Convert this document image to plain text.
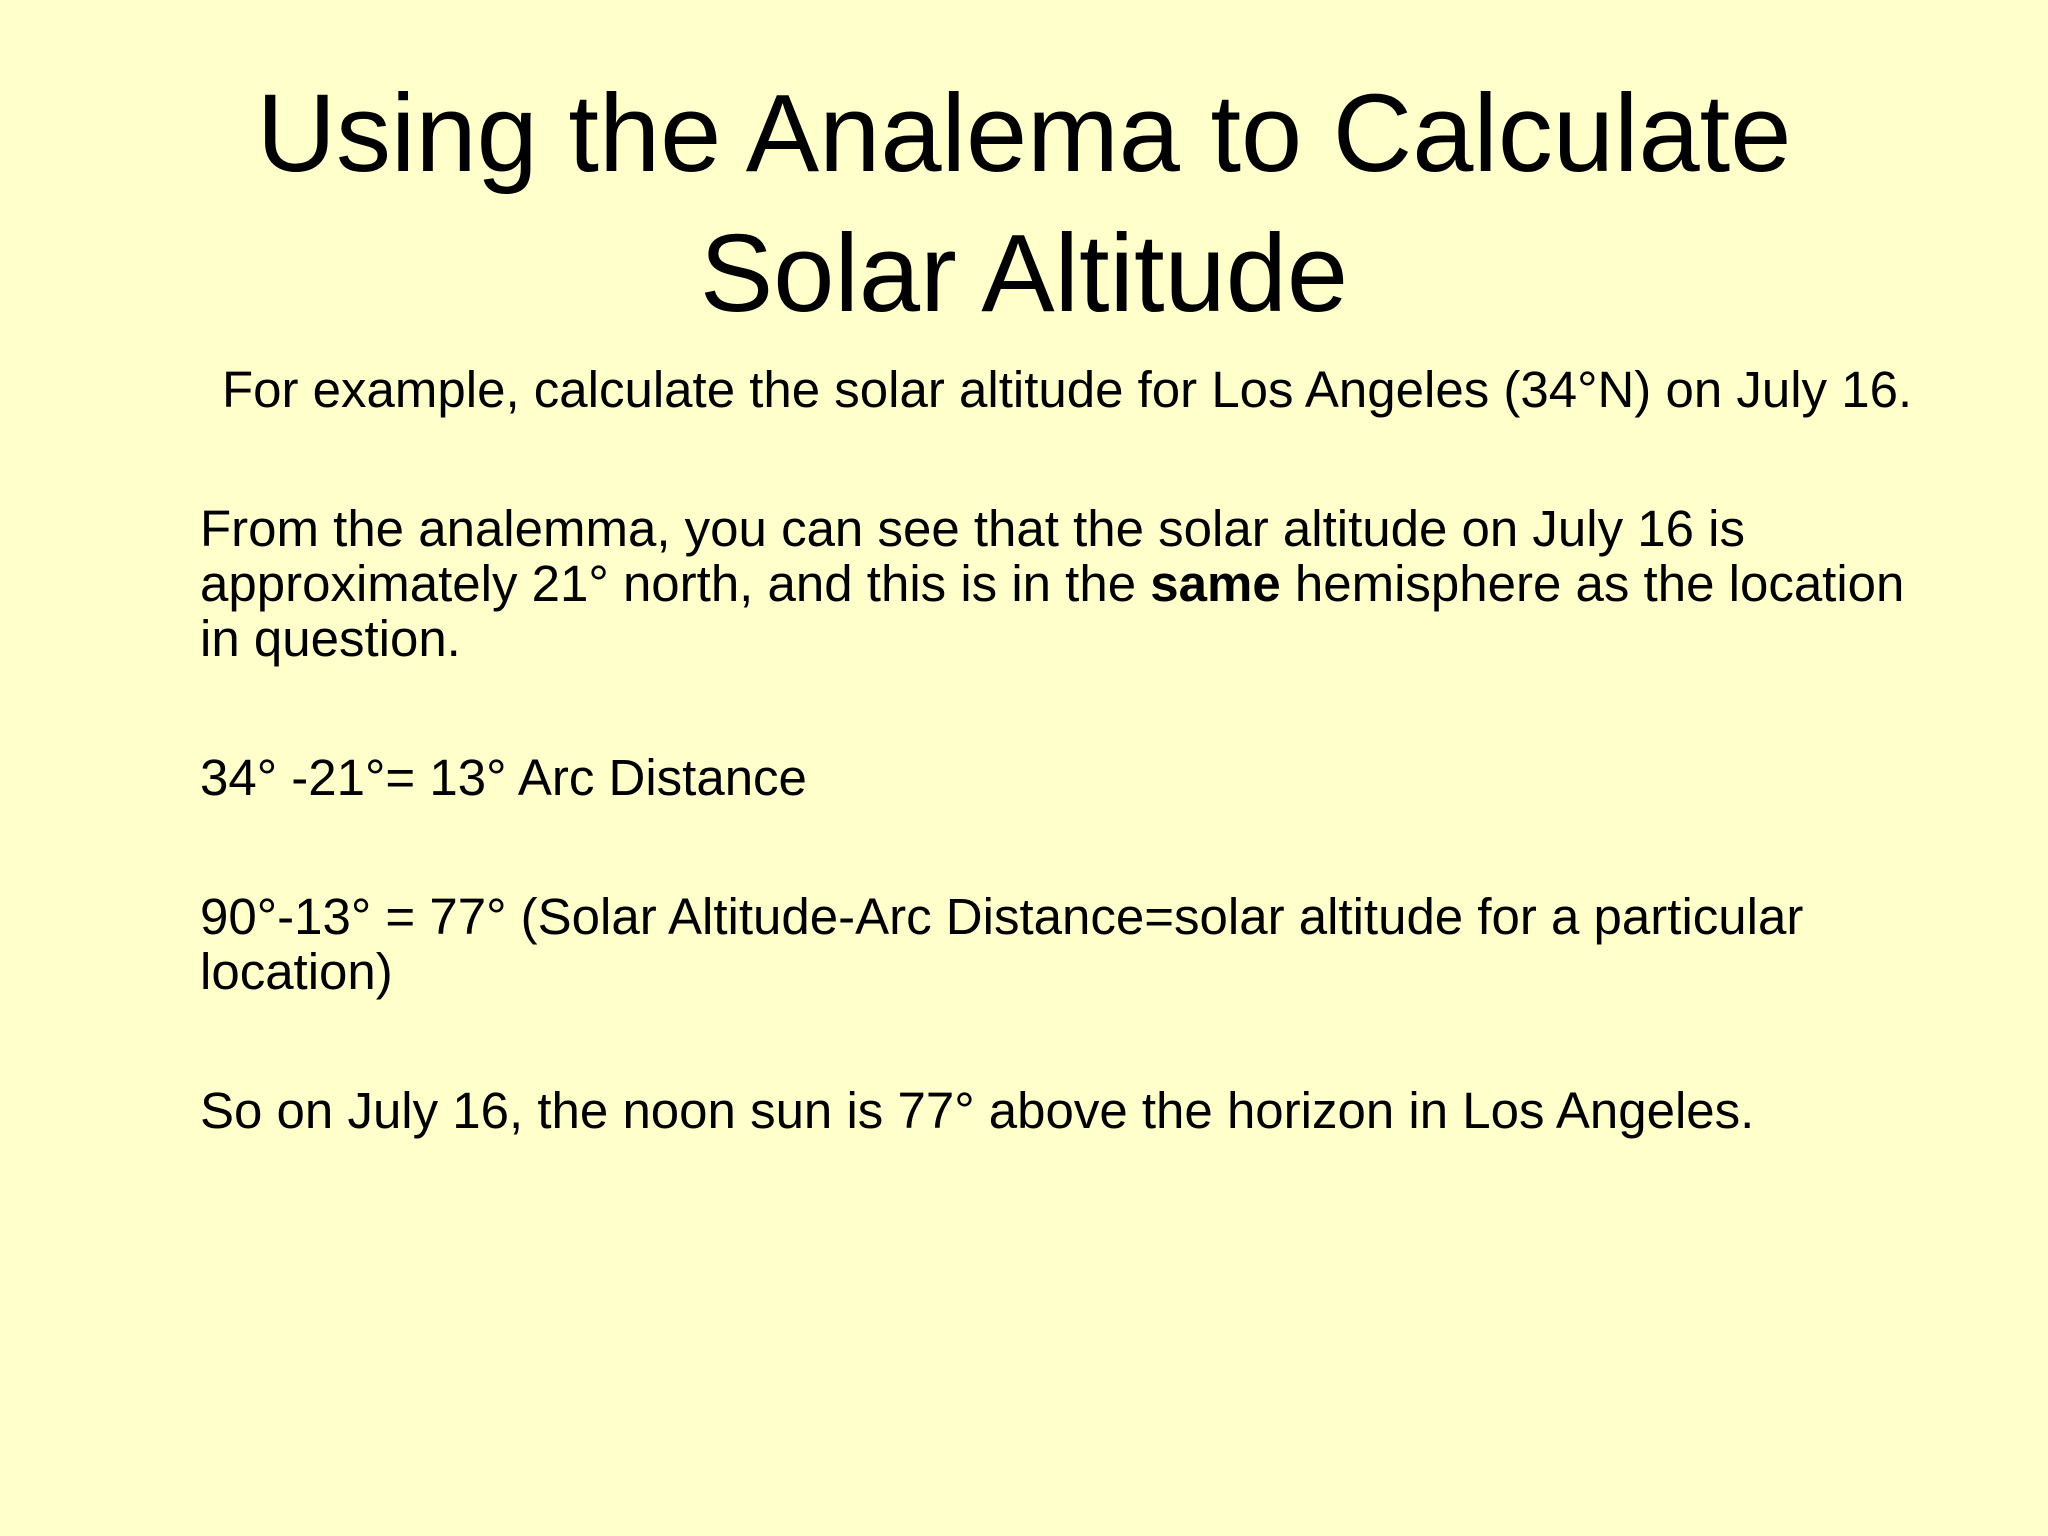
Using the Analema to Calculate
Solar Altitude

For example, calculate the solar altitude for Los Angeles (34°N) on July 16.

From the analemma, you can see that the solar altitude on July 16 is approximately 21° north, and this is in the same hemisphere as the location in question.

34° -21°= 13° Arc Distance

90°-13° = 77° (Solar Altitude-Arc Distance=solar altitude for a particular location)

So on July 16, the noon sun is 77° above the horizon in Los Angeles.
